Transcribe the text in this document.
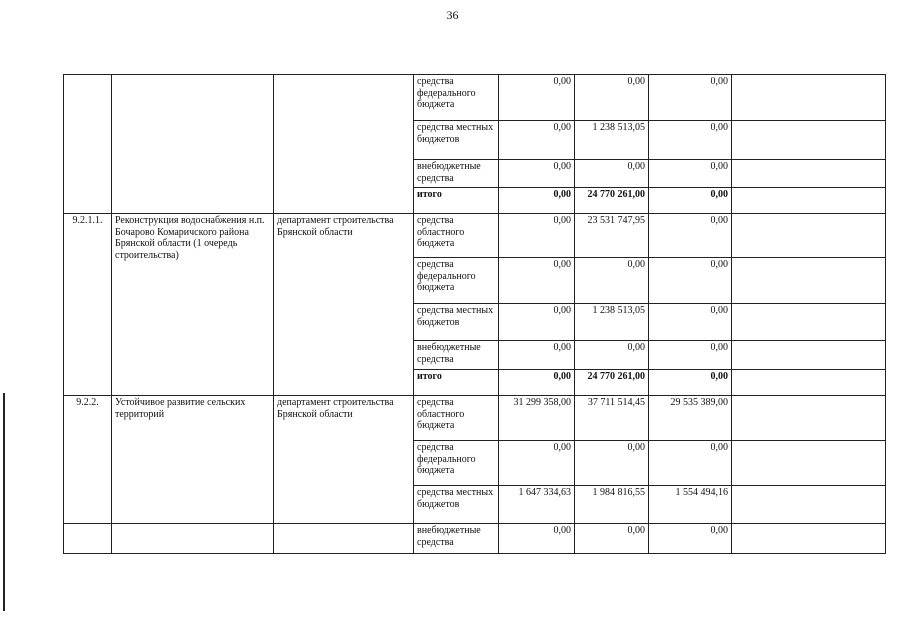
36
			средства федерального бюджета	0,00	0,00	0,00	
			средства местных бюджетов	0,00	1 238 513,05	0,00	
			внебюджетные средства	0,00	0,00	0,00	
			итого	0,00	24 770 261,00	0,00	
9.2.1.1.	Реконструкция водоснабжения н.п. Бочарово Комаричского района Брянской области (1 очередь строительства)	департамент строительства Брянской области	средства областного бюджета	0,00	23 531 747,95	0,00	
			средства федерального бюджета	0,00	0,00	0,00	
			средства местных бюджетов	0,00	1 238 513,05	0,00	
			внебюджетные средства	0,00	0,00	0,00	
			итого	0,00	24 770 261,00	0,00	
9.2.2.	Устойчивое развитие сельских территорий	департамент строительства Брянской области	средства областного бюджета	31 299 358,00	37 711 514,45	29 535 389,00	
			средства федерального бюджета	0,00	0,00	0,00	
			средства местных бюджетов	1 647 334,63	1 984 816,55	1 554 494,16	
			внебюджетные средства	0,00	0,00	0,00	
